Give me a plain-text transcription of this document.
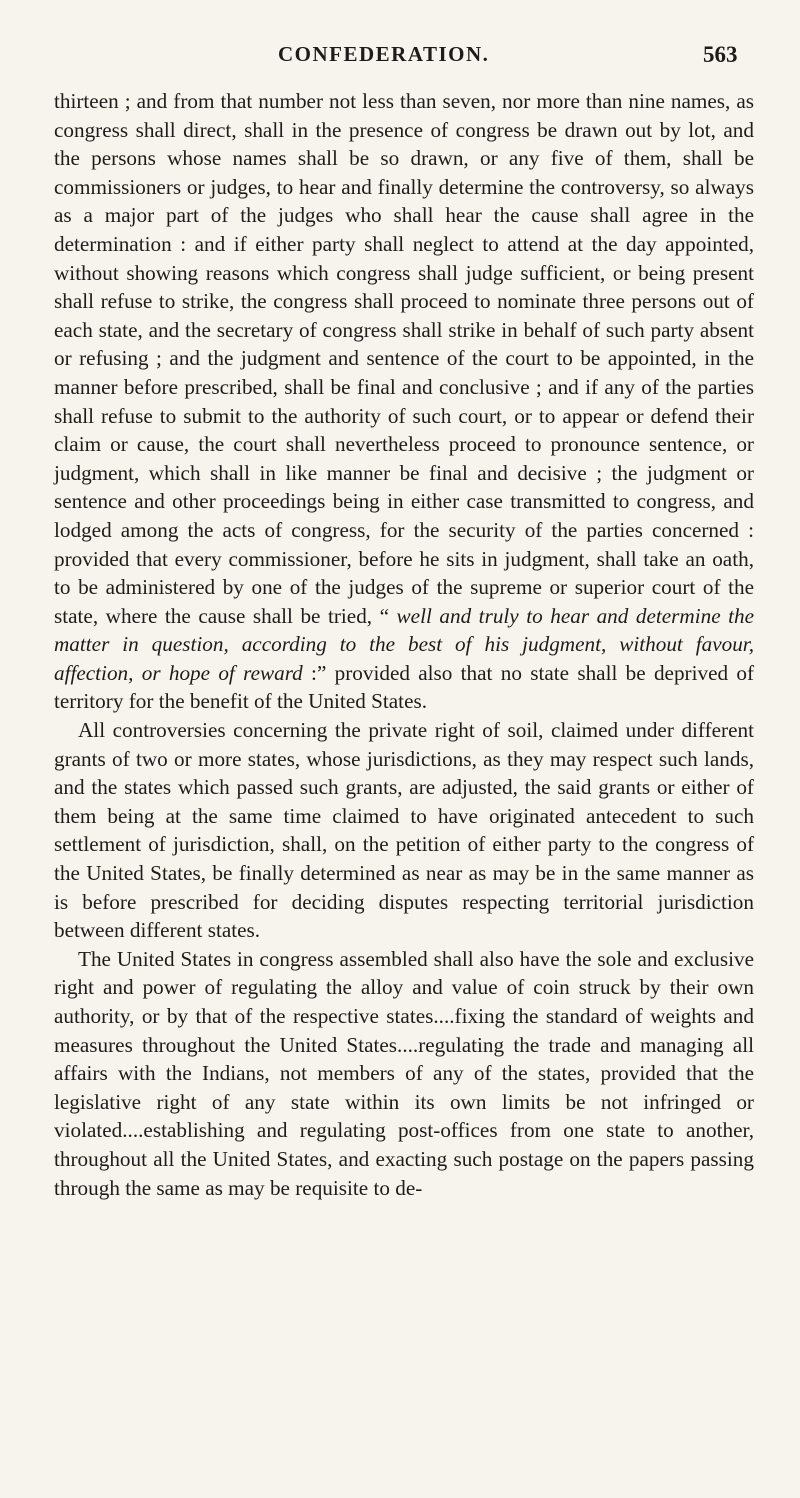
CONFEDERATION.	563

thirteen ; and from that number not less than seven, nor more than nine names, as congress shall direct, shall in the presence of congress be drawn out by lot, and the persons whose names shall be so drawn, or any five of them, shall be commissioners or judges, to hear and finally determine the controversy, so always as a major part of the judges who shall hear the cause shall agree in the determination : and if either party shall neglect to attend at the day appointed, without showing reasons which congress shall judge sufficient, or being present shall refuse to strike, the congress shall proceed to nominate three persons out of each state, and the secretary of congress shall strike in behalf of such party absent or refusing ; and the judgment and sentence of the court to be appointed, in the manner before prescribed, shall be final and conclusive ; and if any of the parties shall refuse to submit to the authority of such court, or to appear or defend their claim or cause, the court shall nevertheless proceed to pronounce sentence, or judgment, which shall in like manner be final and decisive ; the judgment or sentence and other proceedings being in either case transmitted to congress, and lodged among the acts of congress, for the security of the parties concerned : provided that every commissioner, before he sits in judgment, shall take an oath, to be administered by one of the judges of the supreme or superior court of the state, where the cause shall be tried, “ well and truly to hear and determine the matter in question, according to the best of his judgment, without favour, affection, or hope of reward :” provided also that no state shall be deprived of territory for the benefit of the United States.

All controversies concerning the private right of soil, claimed under different grants of two or more states, whose jurisdictions, as they may respect such lands, and the states which passed such grants, are adjusted, the said grants or either of them being at the same time claimed to have originated antecedent to such settlement of jurisdiction, shall, on the petition of either party to the congress of the United States, be finally determined as near as may be in the same manner as is before prescribed for deciding disputes respecting territorial jurisdiction between different states.

The United States in congress assembled shall also have the sole and exclusive right and power of regulating the alloy and value of coin struck by their own authority, or by that of the respective states....fixing the standard of weights and measures throughout the United States....regulating the trade and managing all affairs with the Indians, not members of any of the states, provided that the legislative right of any state within its own limits be not infringed or violated....establishing and regulating post-offices from one state to another, throughout all the United States, and exacting such postage on the papers passing through the same as may be requisite to de-
